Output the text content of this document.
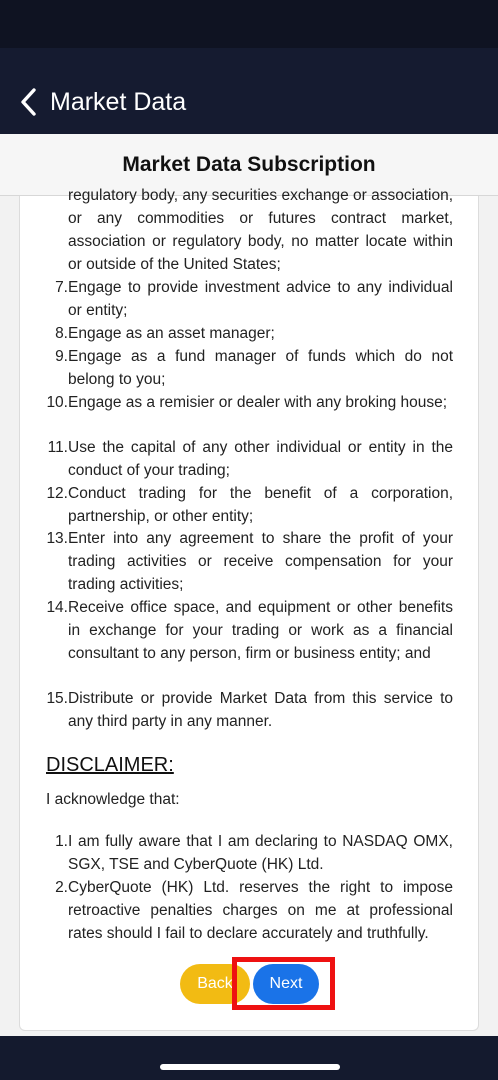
Market Data
Market Data Subscription
regulatory body, any securities exchange or association, or any commodities or futures contract market, association or regulatory body, no matter locate within or outside of the United States;
7. Engage to provide investment advice to any individual or entity;
8. Engage as an asset manager;
9. Engage as a fund manager of funds which do not belong to you;
10. Engage as a remisier or dealer with any broking house;
11. Use the capital of any other individual or entity in the conduct of your trading;
12. Conduct trading for the benefit of a corporation, partnership, or other entity;
13. Enter into any agreement to share the profit of your trading activities or receive compensation for your trading activities;
14. Receive office space, and equipment or other benefits in exchange for your trading or work as a financial consultant to any person, firm or business entity; and
15. Distribute or provide Market Data from this service to any third party in any manner.
DISCLAIMER:
I acknowledge that:
1. I am fully aware that I am declaring to NASDAQ OMX, SGX, TSE and CyberQuote (HK) Ltd.
2. CyberQuote (HK) Ltd. reserves the right to impose retroactive penalties charges on me at professional rates should I fail to declare accurately and truthfully.
Back	Next
